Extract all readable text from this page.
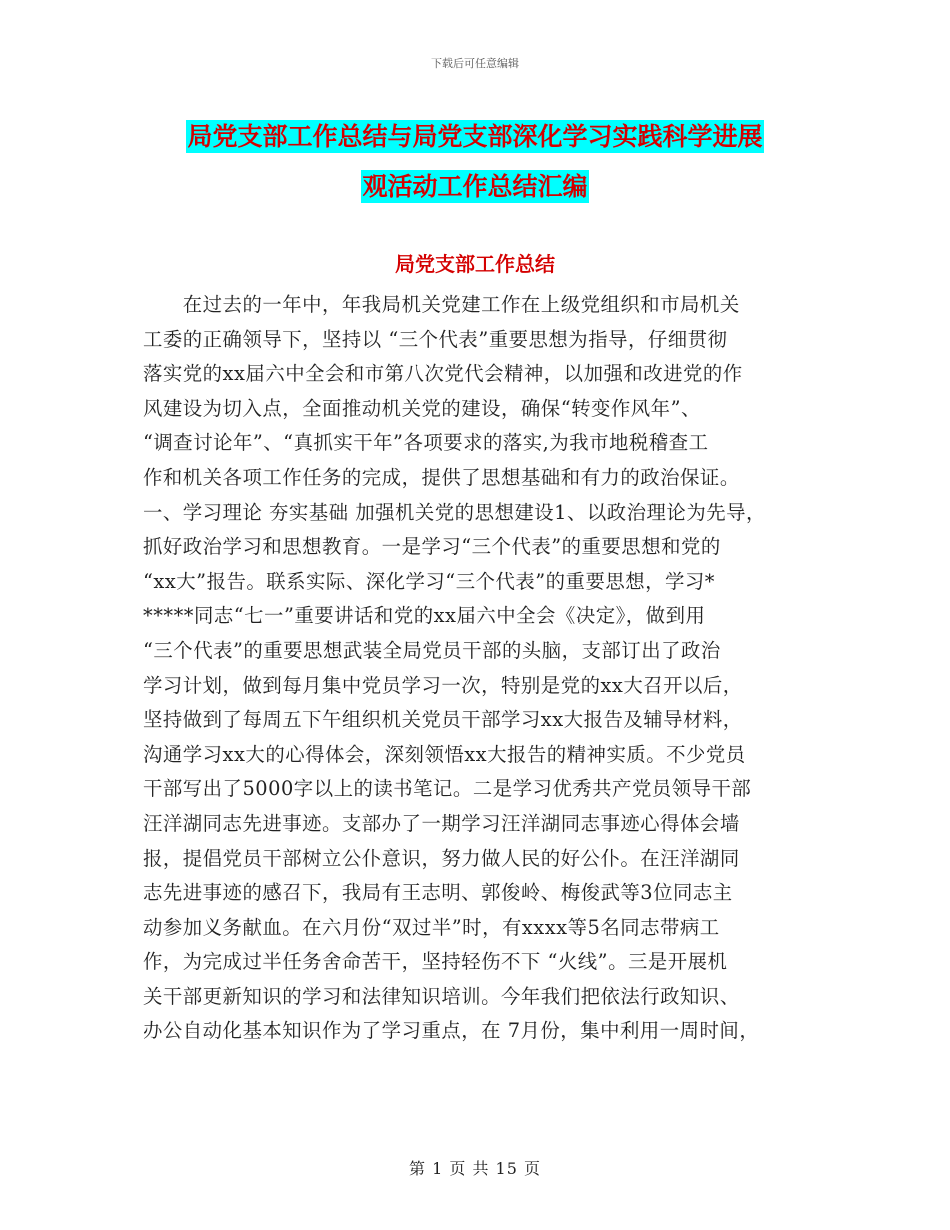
下载后可任意编辑
局党支部工作总结与局党支部深化学习实践科学进展
观活动工作总结汇编
局党支部工作总结
　　在过去的一年中，年我局机关党建工作在上级党组织和市局机关
工委的正确领导下，坚持以 “三个代表”重要思想为指导，仔细贯彻
落实党的xx届六中全会和市第八次党代会精神，以加强和改进党的作
风建设为切入点，全面推动机关党的建设，确保“转变作风年”、
“调查讨论年”、“真抓实干年”各项要求的落实,为我市地税稽查工
作和机关各项工作任务的完成，提供了思想基础和有力的政治保证。
一、学习理论 夯实基础 加强机关党的思想建设1、以政治理论为先导，
抓好政治学习和思想教育。一是学习“三个代表”的重要思想和党的
“xx大”报告。联系实际、深化学习“三个代表”的重要思想，学习*
*****同志“七一”重要讲话和党的xx届六中全会《决定》，做到用
“三个代表”的重要思想武装全局党员干部的头脑，支部订出了政治
学习计划，做到每月集中党员学习一次，特别是党的xx大召开以后，
坚持做到了每周五下午组织机关党员干部学习xx大报告及辅导材料，
沟通学习xx大的心得体会，深刻领悟xx大报告的精神实质。不少党员
干部写出了5000字以上的读书笔记。二是学习优秀共产党员领导干部
汪洋湖同志先进事迹。支部办了一期学习汪洋湖同志事迹心得体会墙
报，提倡党员干部树立公仆意识，努力做人民的好公仆。在汪洋湖同
志先进事迹的感召下，我局有王志明、郭俊岭、梅俊武等3位同志主
动参加义务献血。在六月份“双过半”时，有xxxx等5名同志带病工
作，为完成过半任务舍命苦干，坚持轻伤不下 “火线”。三是开展机
关干部更新知识的学习和法律知识培训。今年我们把依法行政知识、
办公自动化基本知识作为了学习重点，在 7月份，集中利用一周时间，
第 1 页 共 15 页
